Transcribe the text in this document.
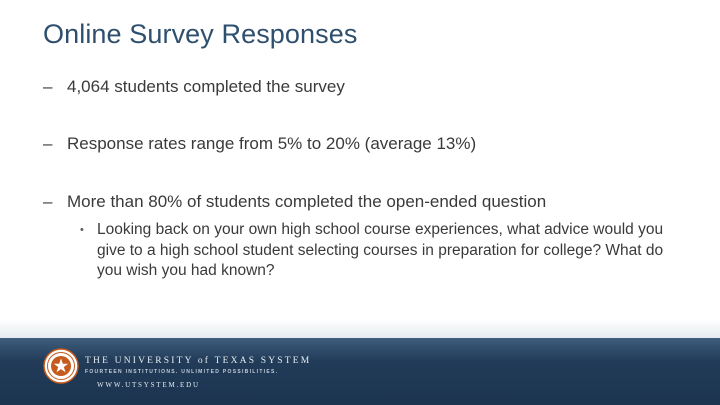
Online Survey Responses
– 4,064 students completed the survey
– Response rates range from 5% to 20% (average 13%)
– More than 80% of students completed the open-ended question
• Looking back on your own high school course experiences, what advice would you give to a high school student selecting courses in preparation for college? What do you wish you had known?
THE UNIVERSITY of TEXAS SYSTEM
FOURTEEN INSTITUTIONS. UNLIMITED POSSIBILITIES.
WWW.UTSYSTEM.EDU
